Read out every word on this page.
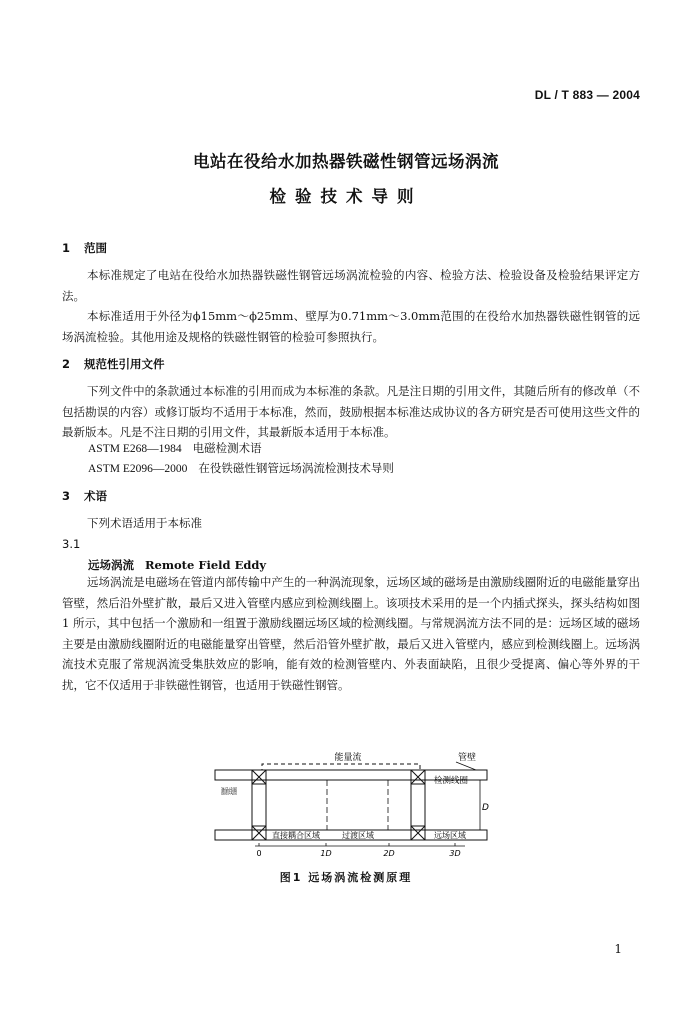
DL / T 883 — 2004
电站在役给水加热器铁磁性钢管远场涡流
检验技术导则
1 范围

本标准规定了电站在役给水加热器铁磁性钢管远场涡流检验的内容、检验方法、检验设备及检验结果评定方法。

本标准适用于外径为ϕ15mm～ϕ25mm、壁厚为0.71mm～3.0mm范围的在役给水加热器铁磁性钢管的远场涡流检验。其他用途及规格的铁磁性钢管的检验可参照执行。

2 规范性引用文件

下列文件中的条款通过本标准的引用而成为本标准的条款。凡是注日期的引用文件，其随后所有的修改单（不包括勘误的内容）或修订版均不适用于本标准，然而，鼓励根据本标准达成协议的各方研究是否可使用这些文件的最新版本。凡是不注日期的引用文件，其最新版本适用于本标准。

ASTM E268—1984 电磁检测术语
ASTM E2096—2000 在役铁磁性钢管远场涡流检测技术导则
3 术语
下列术语适用于本标准
3.1
远场涡流 Remote Field Eddy

远场涡流是电磁场在管道内部传输中产生的一种涡流现象，远场区域的磁场是由激励线圈附近的电磁能量穿出管壁，然后沿外壁扩散，最后又进入管壁内感应到检测线圈上。该项技术采用的是一个内插式探头，探头结构如图 1 所示，其中包括一个激励和一组置于激励线圈远场区域的检测线圈。与常规涡流方法不同的是：远场区域的磁场主要是由激励线圈附近的电磁能量穿出管壁，然后沿管外壁扩散，最后又进入管壁内，感应到检测线圈上。远场涡流技术克服了常规涡流受集肤效应的影响，能有效的检测管壁内、外表面缺陷，且很少受提离、偏心等外界的干扰，它不仅适用于非铁磁性钢管，也适用于铁磁性钢管。

能量流	管壁
激励线圈
检测线圈
直接耦合区域	过渡区域	远场区域
D
0	1D	2D	3D
图1 远场涡流检测原理
1
